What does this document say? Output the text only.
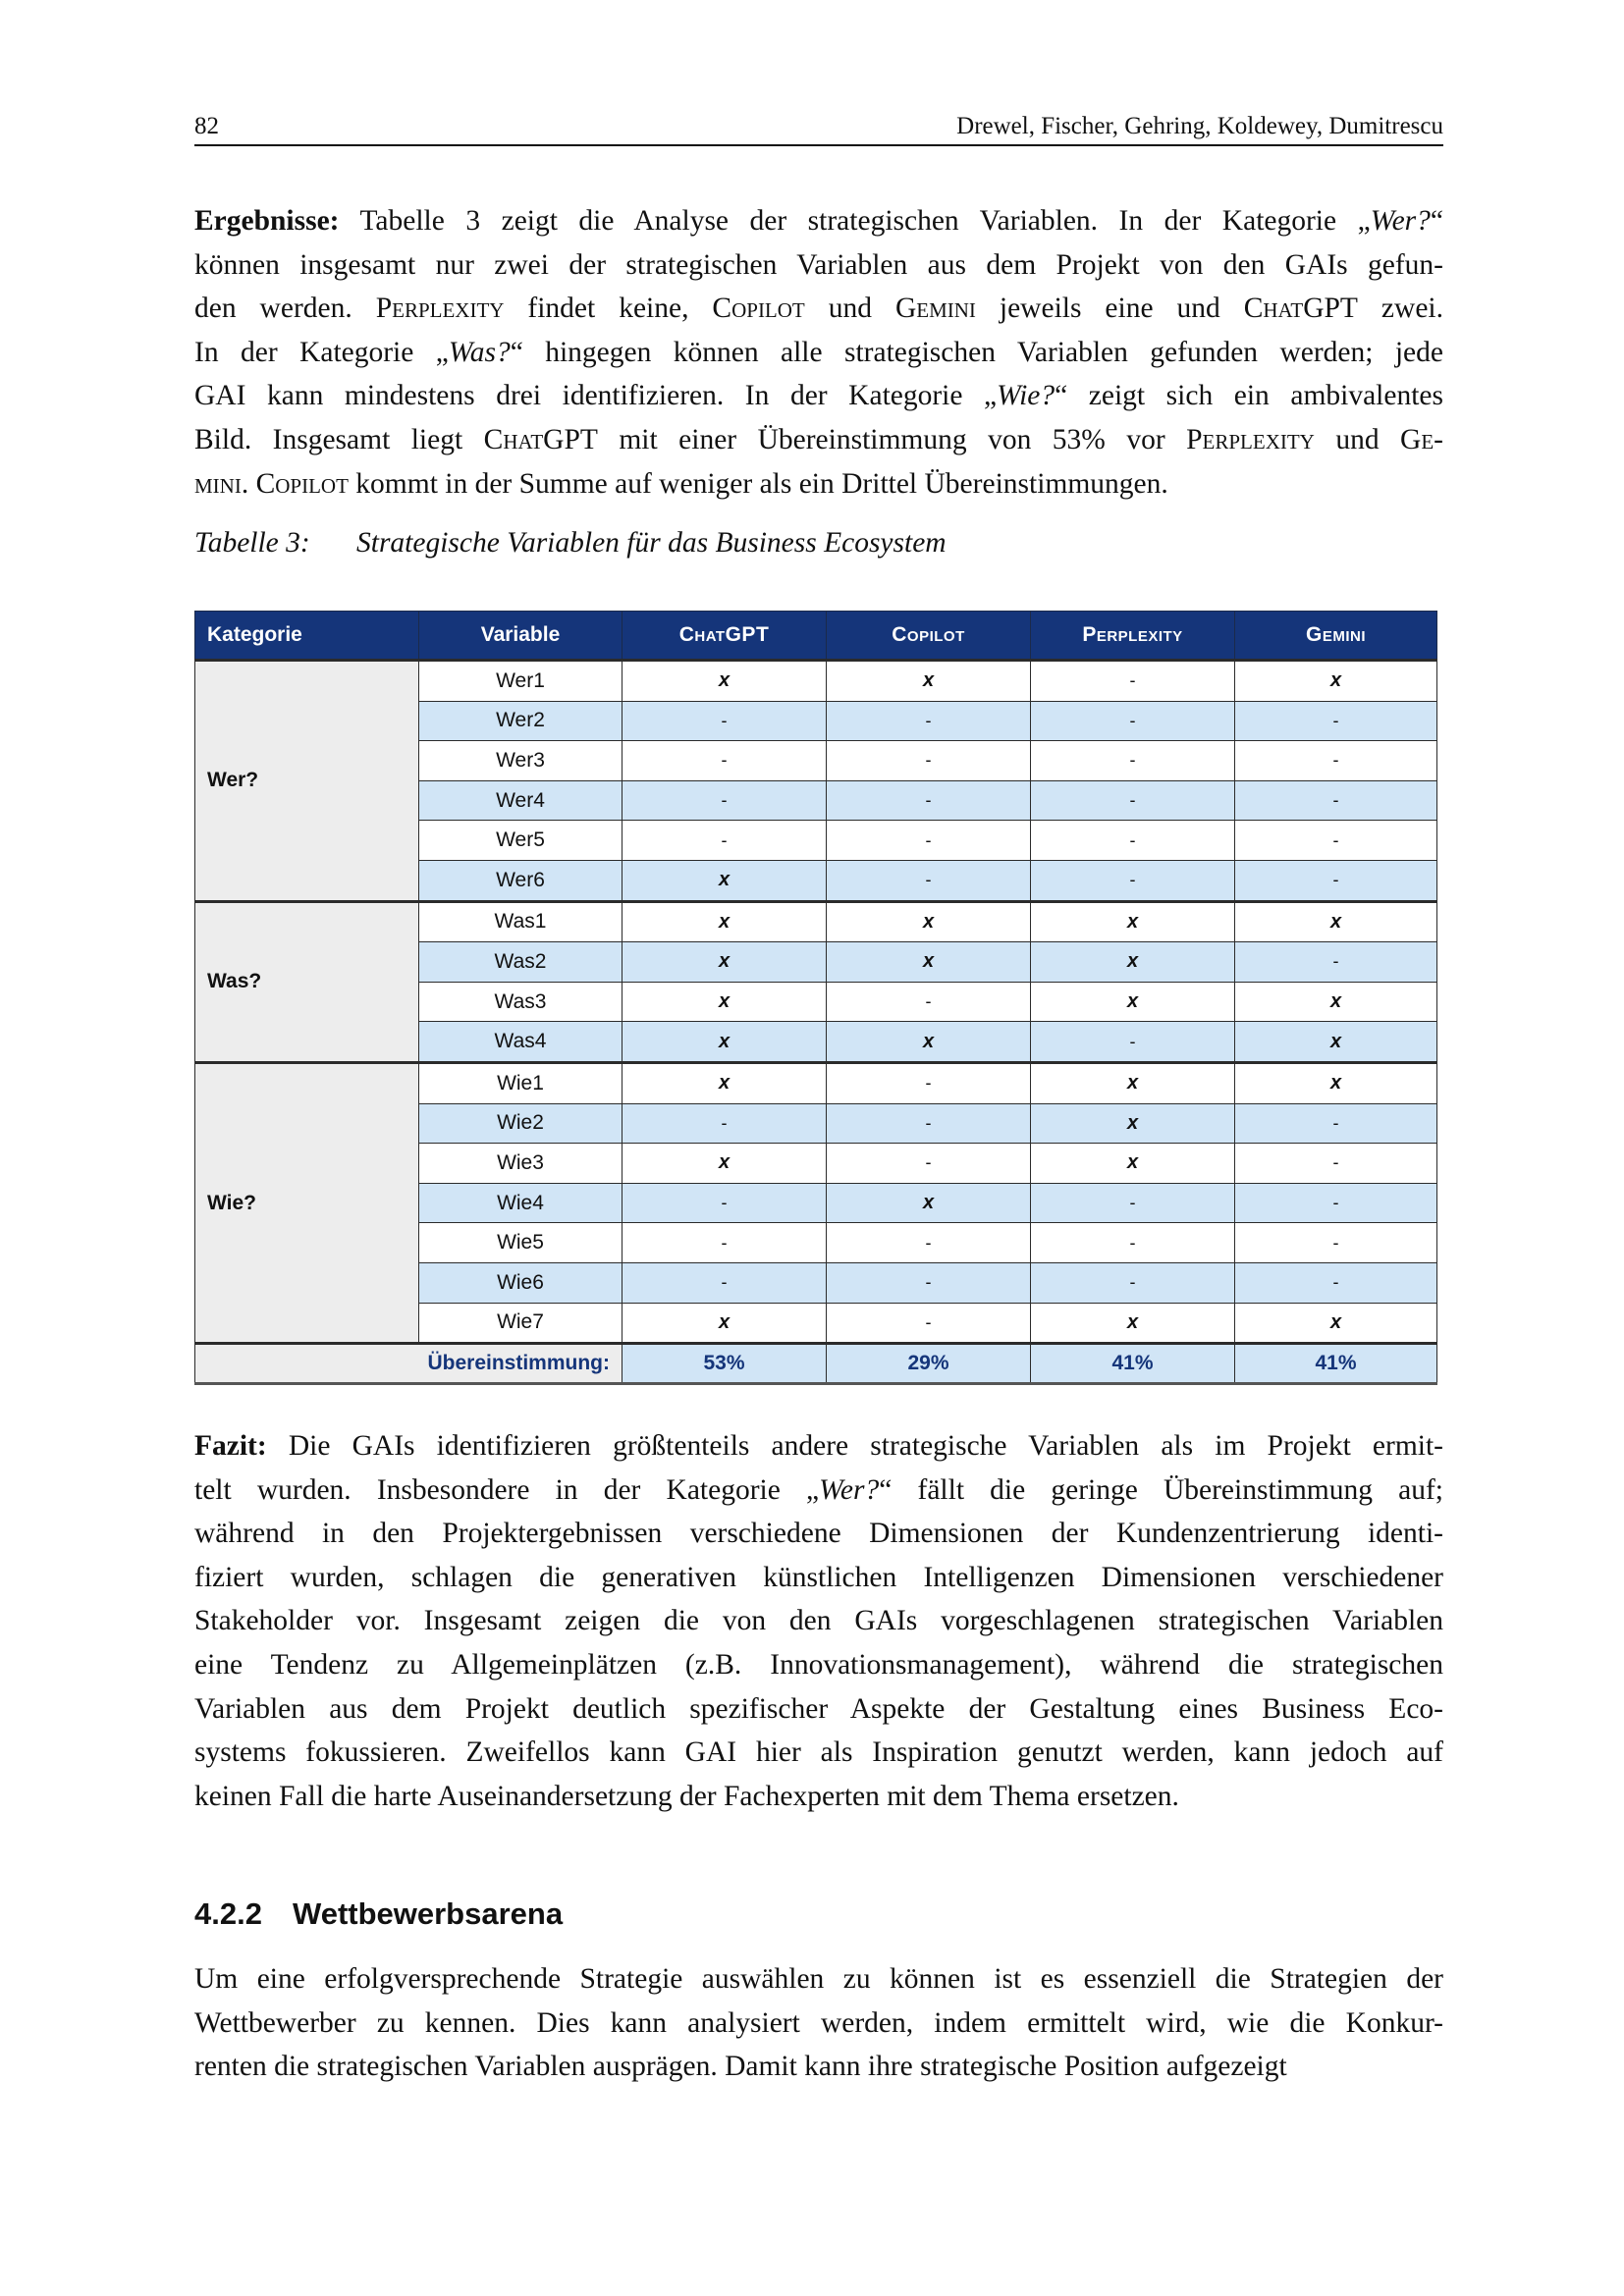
82	Drewel, Fischer, Gehring, Koldewey, Dumitrescu
Ergebnisse: Tabelle 3 zeigt die Analyse der strategischen Variablen. In der Kategorie „Wer?“
können insgesamt nur zwei der strategischen Variablen aus dem Projekt von den GAIs gefun-
den werden. Perplexity findet keine, Copilot und Gemini jeweils eine und ChatGPT zwei.
In der Kategorie „Was?“ hingegen können alle strategischen Variablen gefunden werden; jede
GAI kann mindestens drei identifizieren. In der Kategorie „Wie?“ zeigt sich ein ambivalentes
Bild. Insgesamt liegt ChatGPT mit einer Übereinstimmung von 53% vor Perplexity und Ge-
mini. Copilot kommt in der Summe auf weniger als ein Drittel Übereinstimmungen.
Tabelle 3: Strategische Variablen für das Business Ecosystem
Kategorie	Variable	ChatGPT	Copilot	Perplexity	Gemini
Wer?	Wer1	x	x	-	x
	Wer2	-	-	-	-
	Wer3	-	-	-	-
	Wer4	-	-	-	-
	Wer5	-	-	-	-
	Wer6	x	-	-	-
Was?	Was1	x	x	x	x
	Was2	x	x	x	-
	Was3	x	-	x	x
	Was4	x	x	-	x
Wie?	Wie1	x	-	x	x
	Wie2	-	-	x	-
	Wie3	x	-	x	-
	Wie4	-	x	-	-
	Wie5	-	-	-	-
	Wie6	-	-	-	-
	Wie7	x	-	x	x
Übereinstimmung:		53%	29%	41%	41%
Fazit: Die GAIs identifizieren größtenteils andere strategische Variablen als im Projekt ermit-
telt wurden. Insbesondere in der Kategorie „Wer?“ fällt die geringe Übereinstimmung auf;
während in den Projektergebnissen verschiedene Dimensionen der Kundenzentrierung identi-
fiziert wurden, schlagen die generativen künstlichen Intelligenzen Dimensionen verschiedener
Stakeholder vor. Insgesamt zeigen die von den GAIs vorgeschlagenen strategischen Variablen
eine Tendenz zu Allgemeinplätzen (z.B. Innovationsmanagement), während die strategischen
Variablen aus dem Projekt deutlich spezifischer Aspekte der Gestaltung eines Business Eco-
systems fokussieren. Zweifellos kann GAI hier als Inspiration genutzt werden, kann jedoch auf
keinen Fall die harte Auseinandersetzung der Fachexperten mit dem Thema ersetzen.
4.2.2 Wettbewerbsarena
Um eine erfolgversprechende Strategie auswählen zu können ist es essenziell die Strategien der
Wettbewerber zu kennen. Dies kann analysiert werden, indem ermittelt wird, wie die Konkur-
renten die strategischen Variablen ausprägen. Damit kann ihre strategische Position aufgezeigt
